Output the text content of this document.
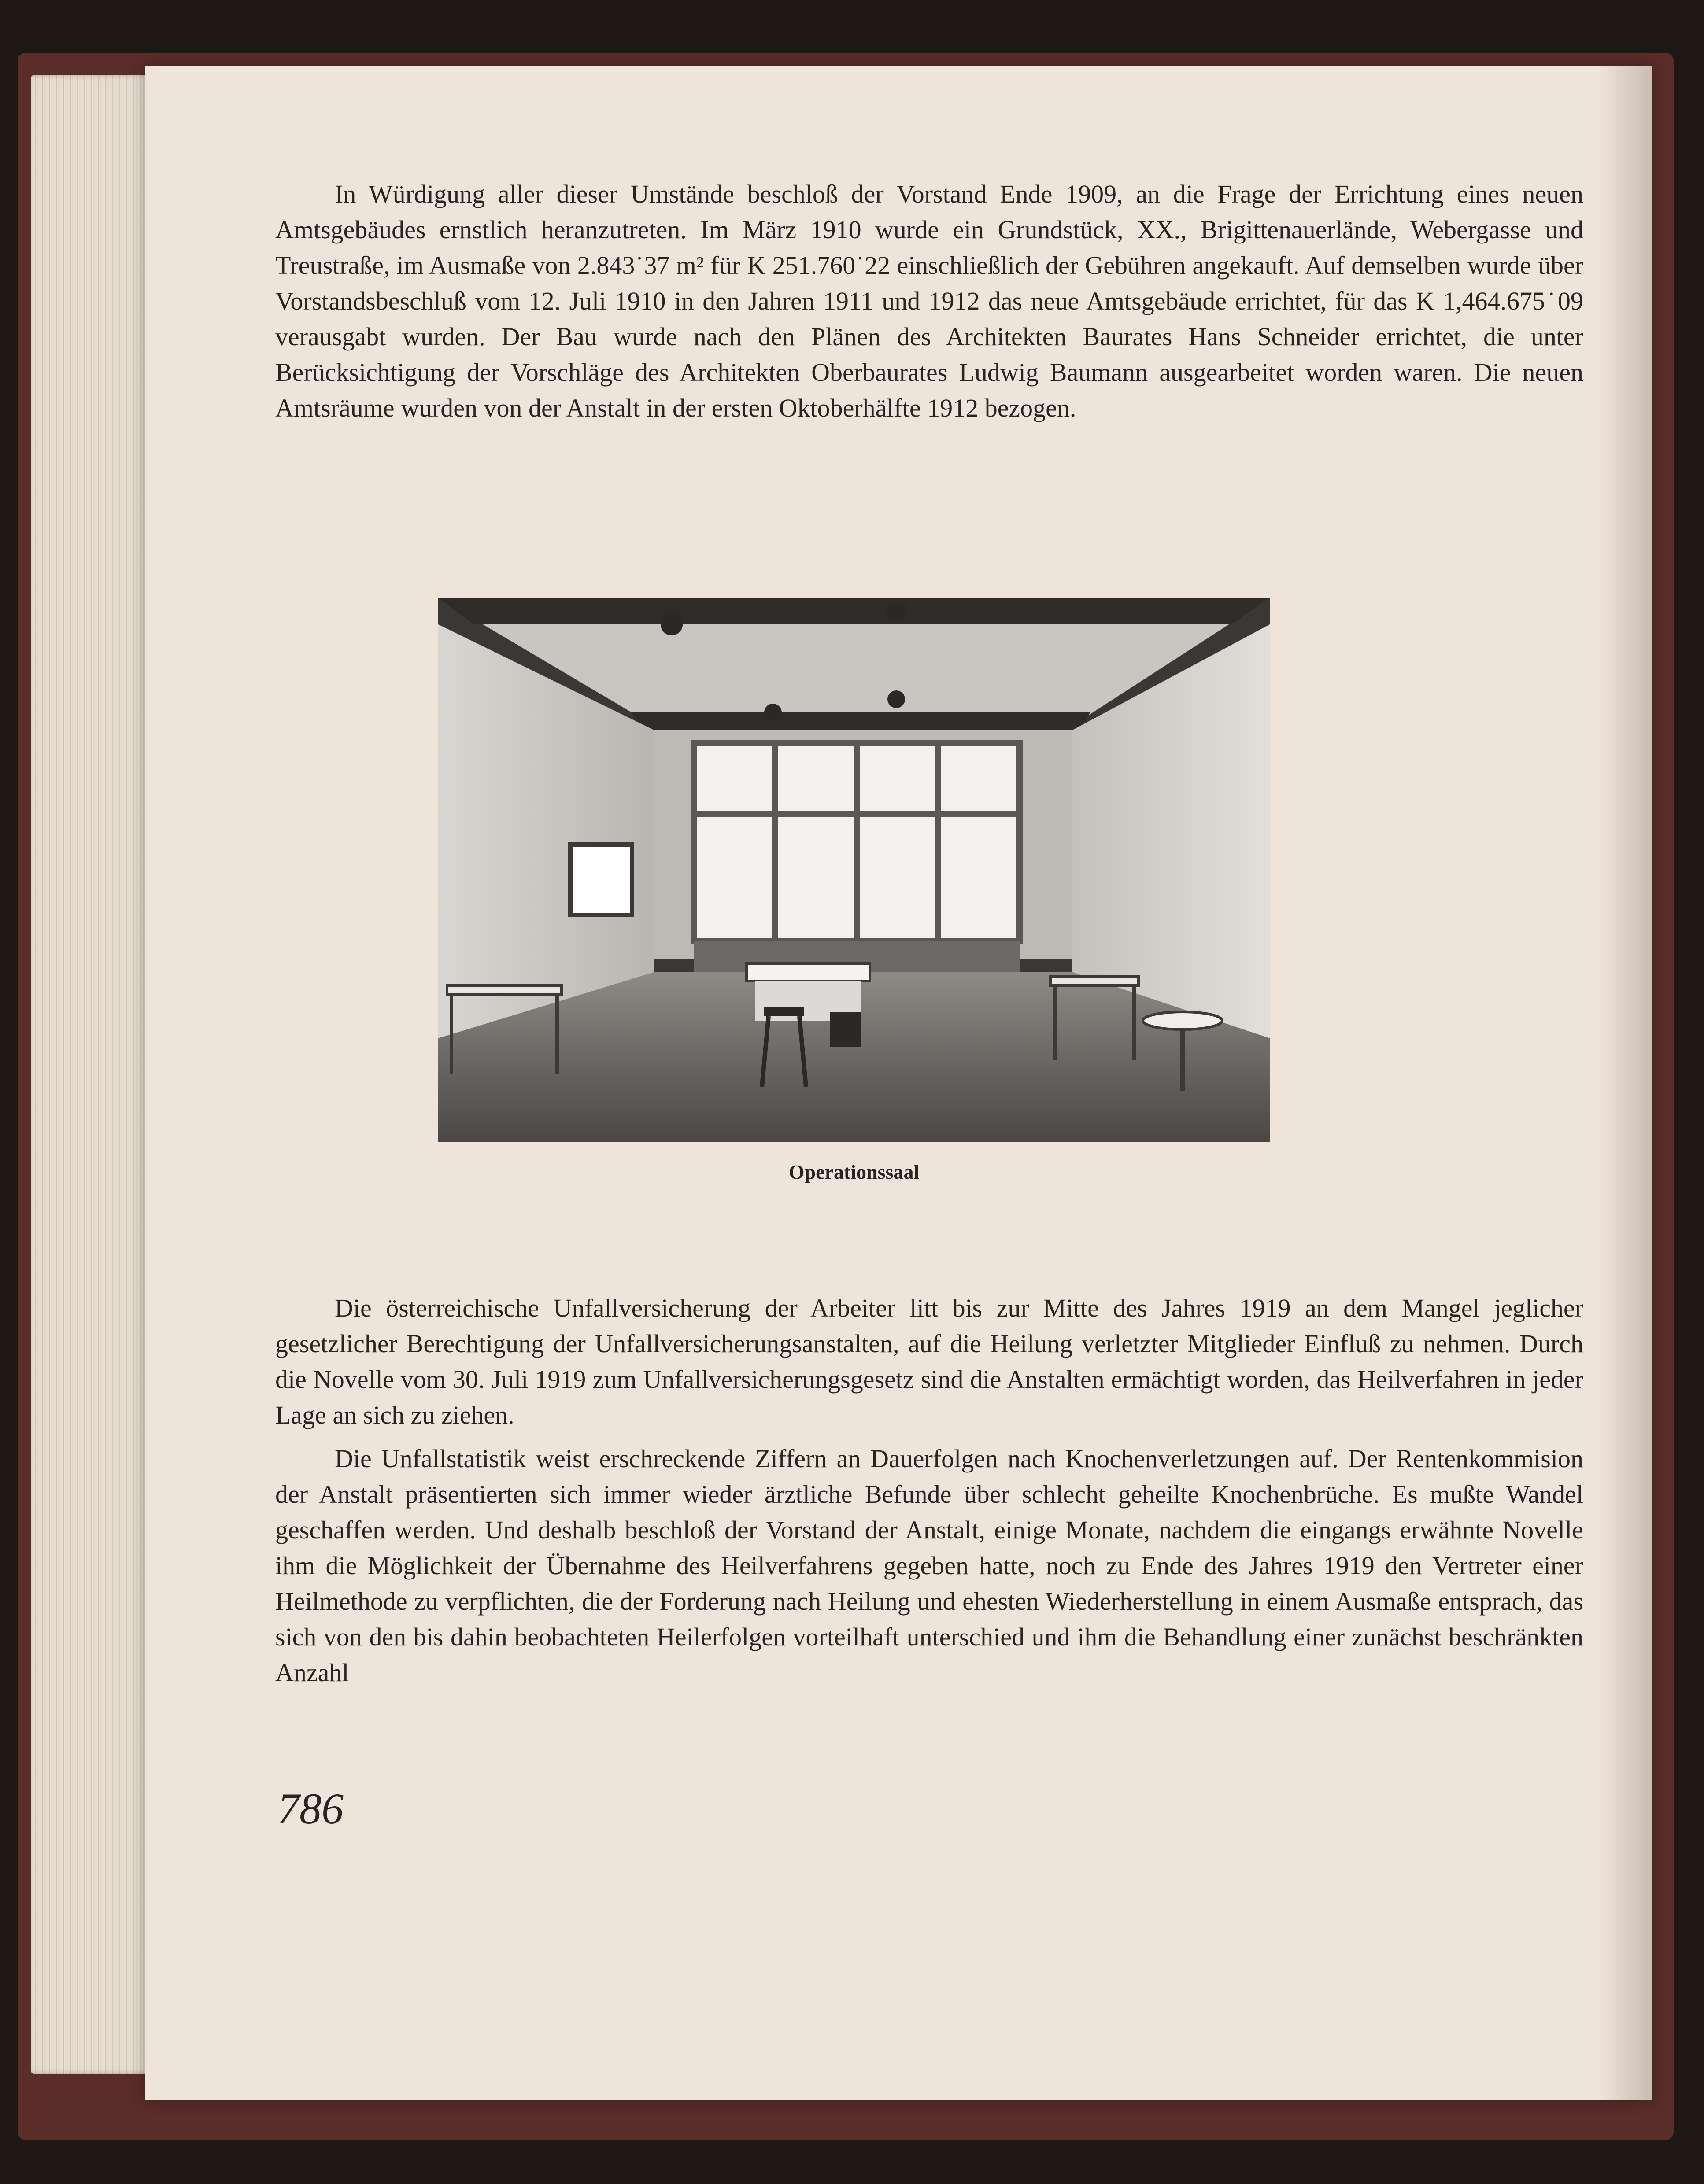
In Würdigung aller dieser Umstände beschloß der Vorstand Ende 1909, an die Frage der Errichtung eines neuen Amtsgebäudes ernstlich heranzutreten. Im März 1910 wurde ein Grundstück, XX., Brigittenauerlände, Webergasse und Treustraße, im Ausmaße von 2.843˙37 m² für K 251.760˙22 einschließlich der Gebühren angekauft. Auf demselben wurde über Vorstandsbeschluß vom 12. Juli 1910 in den Jahren 1911 und 1912 das neue Amtsgebäude errichtet, für das K 1,464.675˙09 verausgabt wurden. Der Bau wurde nach den Plänen des Architekten Baurates Hans Schneider errichtet, die unter Berücksichtigung der Vorschläge des Architekten Oberbaurates Ludwig Baumann ausgearbeitet worden waren. Die neuen Amtsräume wurden von der Anstalt in der ersten Oktoberhälfte 1912 bezogen.

Operationssaal

Die österreichische Unfallversicherung der Arbeiter litt bis zur Mitte des Jahres 1919 an dem Mangel jeglicher gesetzlicher Berechtigung der Unfallversicherungsanstalten, auf die Heilung verletzter Mitglieder Einfluß zu nehmen. Durch die Novelle vom 30. Juli 1919 zum Unfallversicherungsgesetz sind die Anstalten ermächtigt worden, das Heilverfahren in jeder Lage an sich zu ziehen.

Die Unfallstatistik weist erschreckende Ziffern an Dauerfolgen nach Knochenverletzungen auf. Der Rentenkommision der Anstalt präsentierten sich immer wieder ärztliche Befunde über schlecht geheilte Knochenbrüche. Es mußte Wandel geschaffen werden. Und deshalb beschloß der Vorstand der Anstalt, einige Monate, nachdem die eingangs erwähnte Novelle ihm die Möglichkeit der Übernahme des Heilverfahrens gegeben hatte, noch zu Ende des Jahres 1919 den Vertreter einer Heilmethode zu verpflichten, die der Forderung nach Heilung und ehesten Wiederherstellung in einem Ausmaße entsprach, das sich von den bis dahin beobachteten Heilerfolgen vorteilhaft unterschied und ihm die Behandlung einer zunächst beschränkten Anzahl

786
